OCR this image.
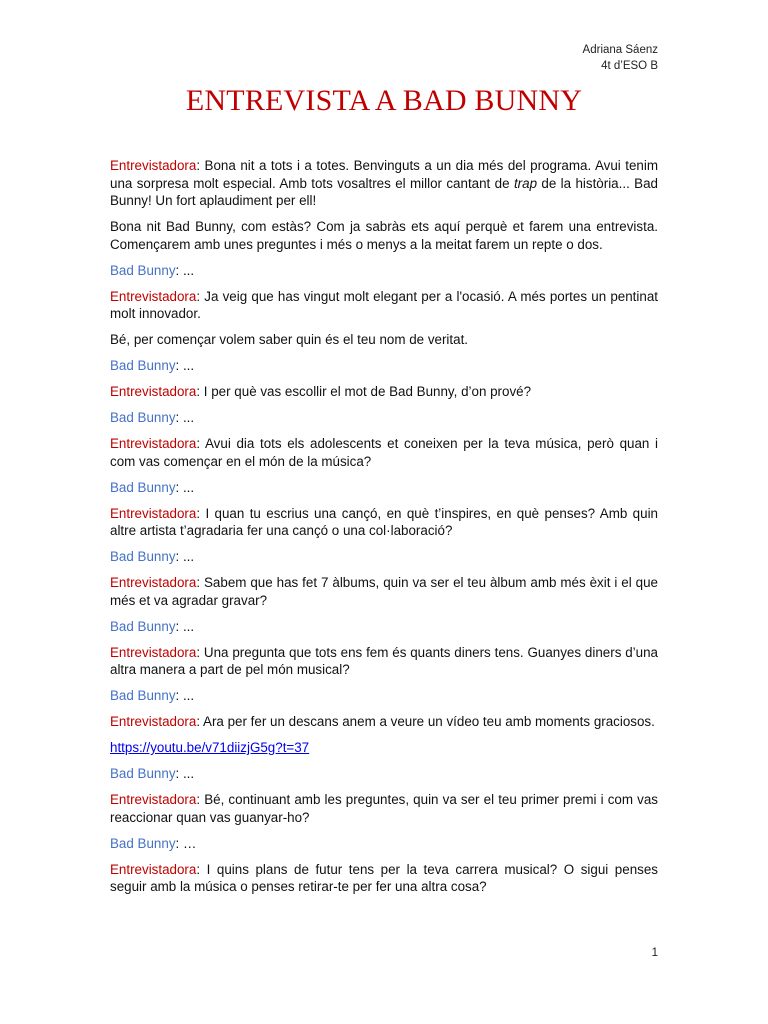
Adriana Sáenz
4t d’ESO B
ENTREVISTA A BAD BUNNY

Entrevistadora: Bona nit a tots i a totes. Benvinguts a un dia més del programa. Avui tenim una sorpresa molt especial. Amb tots vosaltres el millor cantant de trap de la història... Bad Bunny! Un fort aplaudiment per ell!

Bona nit Bad Bunny, com estàs? Com ja sabràs ets aquí perquè et farem una entrevista. Començarem amb unes preguntes i més o menys a la meitat farem un repte o dos.

Bad Bunny: ...

Entrevistadora: Ja veig que has vingut molt elegant per a l'ocasió. A més portes un pentinat molt innovador.

Bé, per començar volem saber quin és el teu nom de veritat.

Bad Bunny: ...

Entrevistadora: I per què vas escollir el mot de Bad Bunny, d’on prové?

Bad Bunny: ...

Entrevistadora: Avui dia tots els adolescents et coneixen per la teva música, però quan i com vas començar en el món de la música?

Bad Bunny: ...

Entrevistadora: I quan tu escrius una cançó, en què t’inspires, en què penses? Amb quin altre artista t’agradaria fer una cançó o una col·laboració?

Bad Bunny: ...

Entrevistadora: Sabem que has fet 7 àlbums, quin va ser el teu àlbum amb més èxit i el que més et va agradar gravar?

Bad Bunny: ...

Entrevistadora: Una pregunta que tots ens fem és quants diners tens. Guanyes diners d’una altra manera a part de pel món musical?

Bad Bunny: ...

Entrevistadora: Ara per fer un descans anem a veure un vídeo teu amb moments graciosos.

https://youtu.be/v71diizjG5g?t=37

Bad Bunny: ...

Entrevistadora: Bé, continuant amb les preguntes, quin va ser el teu primer premi i com vas reaccionar quan vas guanyar-ho?

Bad Bunny: …

Entrevistadora: I quins plans de futur tens per la teva carrera musical? O sigui penses seguir amb la música o penses retirar-te per fer una altra cosa?

1
